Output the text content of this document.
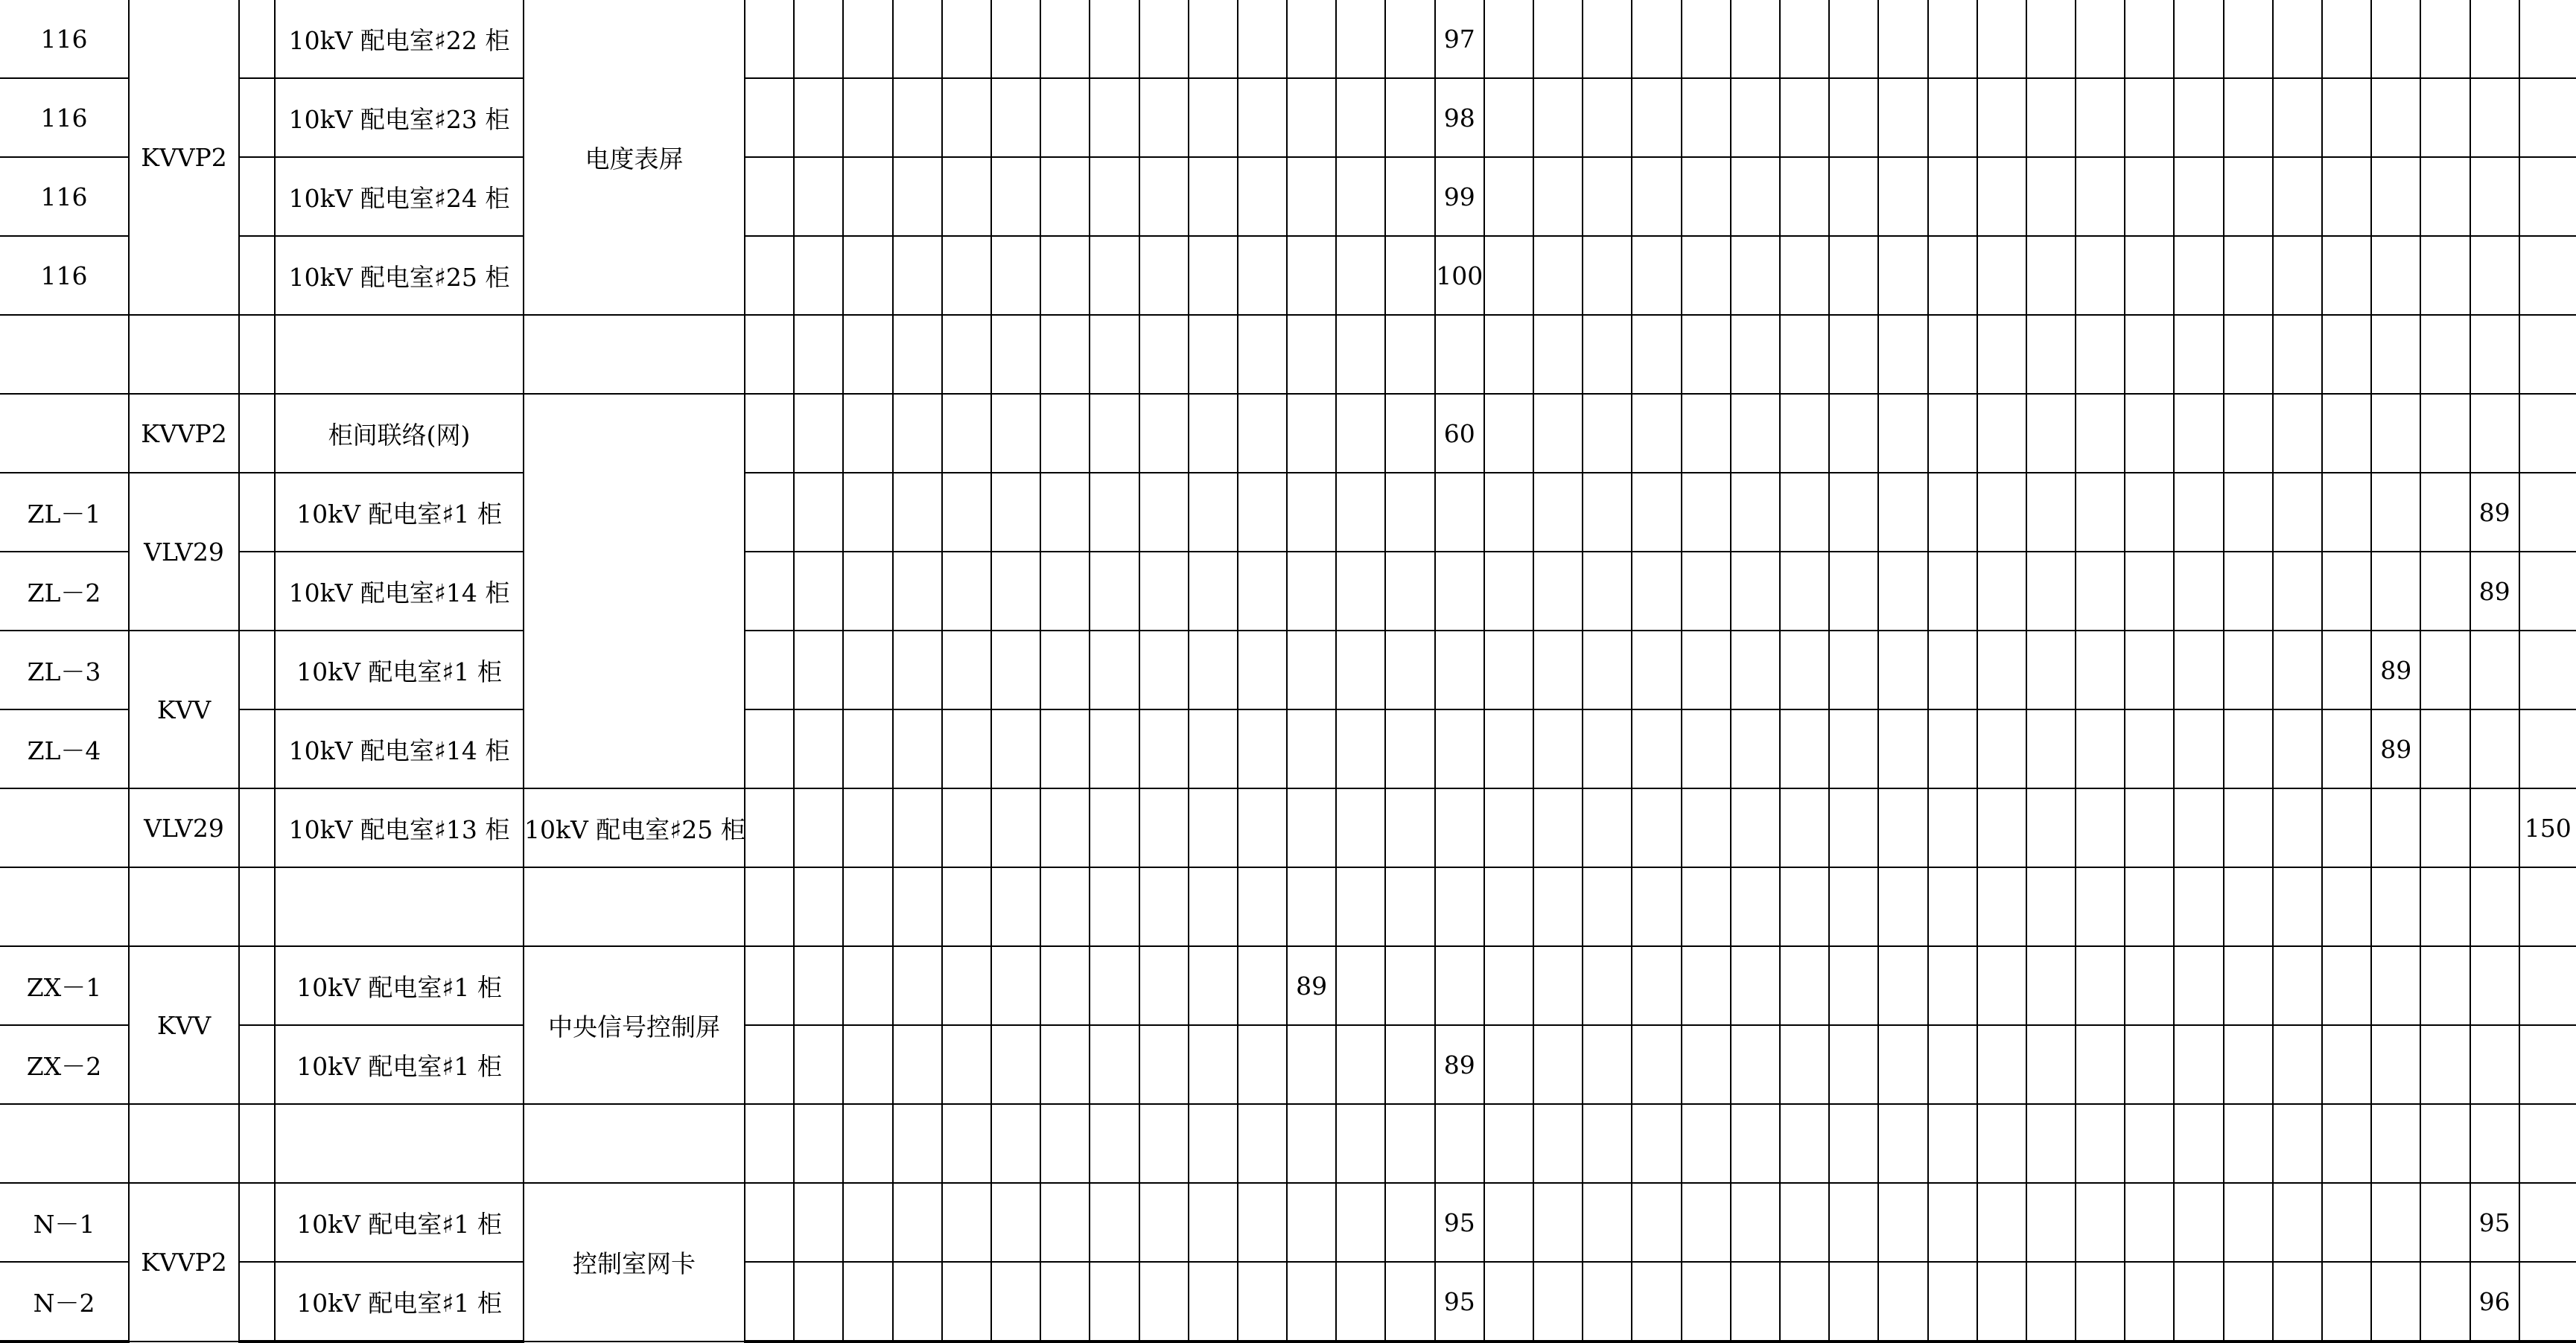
116	KVVP2		10kV 配电室♯22 柜	电度表屏															97																						
116			10kV 配电室♯23 柜																98																						
116			10kV 配电室♯24 柜																99																						
116			10kV 配电室♯25 柜																100																						

	KVVP2		柜间联络(网)																60																						
ZL－1	VLV29		10kV 配电室♯1 柜																																					89	
ZL－2			10kV 配电室♯14 柜																																					89	
ZL－3	KVV		10kV 配电室♯1 柜																																			89			
ZL－4			10kV 配电室♯14 柜																																			89			
	VLV29		10kV 配电室♯13 柜	10kV 配电室♯25 柜																																					150

ZX－1	KVV		10kV 配电室♯1 柜	中央信号控制屏												89																									
ZX－2			10kV 配电室♯1 柜																89																						

N－1	KVVP2		10kV 配电室♯1 柜	控制室网卡															95																					95	
N－2			10kV 配电室♯1 柜																95																					96	
